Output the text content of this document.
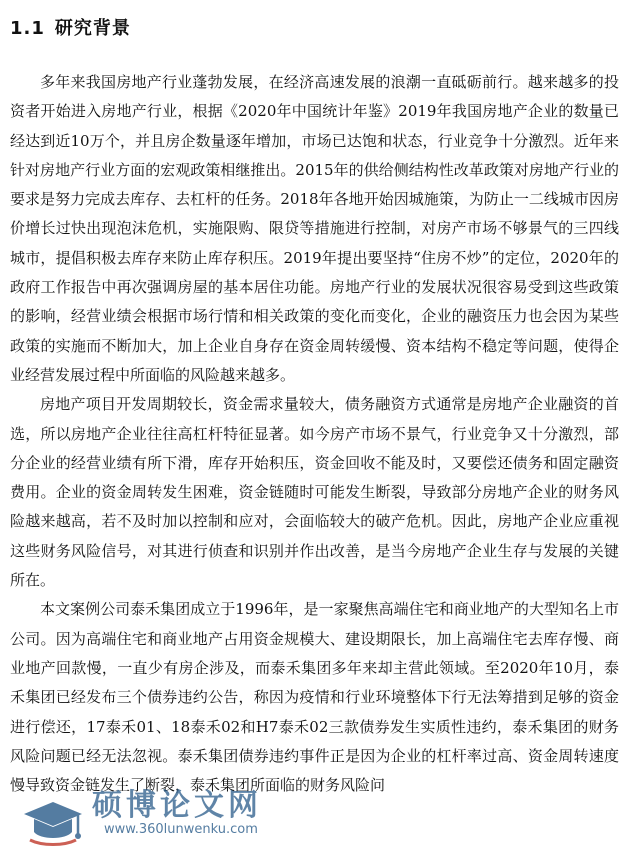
1.1 研究背景

多年来我国房地产行业蓬勃发展，在经济高速发展的浪潮一直砥砺前行。越来越多的投资者开始进入房地产行业，根据《2020年中国统计年鉴》2019年我国房地产企业的数量已经达到近10万个，并且房企数量逐年增加，市场已达饱和状态，行业竞争十分激烈。近年来针对房地产行业方面的宏观政策相继推出。2015年的供给侧结构性改革政策对房地产行业的要求是努力完成去库存、去杠杆的任务。2018年各地开始因城施策，为防止一二线城市因房价增长过快出现泡沫危机，实施限购、限贷等措施进行控制，对房产市场不够景气的三四线城市，提倡积极去库存来防止库存积压。2019年提出要坚持“住房不炒”的定位，2020年的政府工作报告中再次强调房屋的基本居住功能。房地产行业的发展状况很容易受到这些政策的影响，经营业绩会根据市场行情和相关政策的变化而变化，企业的融资压力也会因为某些政策的实施而不断加大，加上企业自身存在资金周转缓慢、资本结构不稳定等问题，使得企业经营发展过程中所面临的风险越来越多。

房地产项目开发周期较长，资金需求量较大，债务融资方式通常是房地产企业融资的首选，所以房地产企业往往高杠杆特征显著。如今房产市场不景气，行业竞争又十分激烈，部分企业的经营业绩有所下滑，库存开始积压，资金回收不能及时，又要偿还债务和固定融资费用。企业的资金周转发生困难，资金链随时可能发生断裂，导致部分房地产企业的财务风险越来越高，若不及时加以控制和应对，会面临较大的破产危机。因此，房地产企业应重视这些财务风险信号，对其进行侦查和识别并作出改善，是当今房地产企业生存与发展的关键所在。

本文案例公司泰禾集团成立于1996年，是一家聚焦高端住宅和商业地产的大型知名上市公司。因为高端住宅和商业地产占用资金规模大、建设期限长，加上高端住宅去库存慢、商业地产回款慢，一直少有房企涉及，而泰禾集团多年来却主营此领域。至2020年10月，泰禾集团已经发布三个债券违约公告，称因为疫情和行业环境整体下行无法筹措到足够的资金进行偿还，17泰禾01、18泰禾02和H7泰禾02三款债券发生实质性违约，泰禾集团的财务风险问题已经无法忽视。泰禾集团债券违约事件正是因为企业的杠杆率过高、资金周转速度慢导致资金链发生了断裂，泰禾集团所面临的财务风险问

硕博论文网
www.360lunwenku.com
